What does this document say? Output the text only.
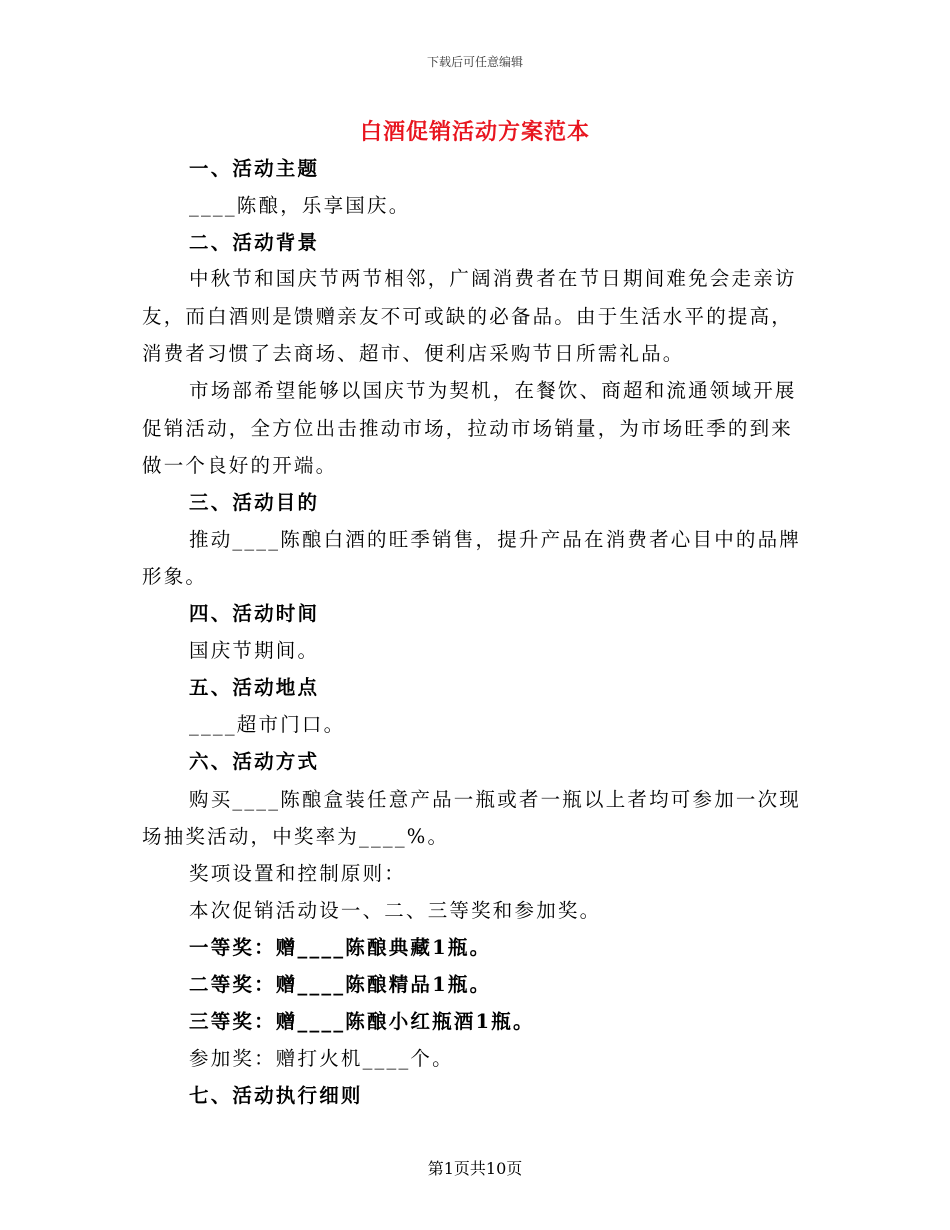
下载后可任意编辑
白酒促销活动方案范本
一、活动主题
____陈酿，乐享国庆。
二、活动背景
中秋节和国庆节两节相邻，广阔消费者在节日期间难免会走亲访
友，而白酒则是馈赠亲友不可或缺的必备品。由于生活水平的提高，
消费者习惯了去商场、超市、便利店采购节日所需礼品。
市场部希望能够以国庆节为契机，在餐饮、商超和流通领域开展
促销活动，全方位出击推动市场，拉动市场销量，为市场旺季的到来
做一个良好的开端。
三、活动目的
推动____陈酿白酒的旺季销售，提升产品在消费者心目中的品牌
形象。
四、活动时间
国庆节期间。
五、活动地点
____超市门口。
六、活动方式
购买____陈酿盒装任意产品一瓶或者一瓶以上者均可参加一次现
场抽奖活动，中奖率为____%。
奖项设置和控制原则：
本次促销活动设一、二、三等奖和参加奖。
一等奖：赠____陈酿典藏1瓶。
二等奖：赠____陈酿精品1瓶。
三等奖：赠____陈酿小红瓶酒1瓶。
参加奖：赠打火机____个。
七、活动执行细则
第1页共10页
